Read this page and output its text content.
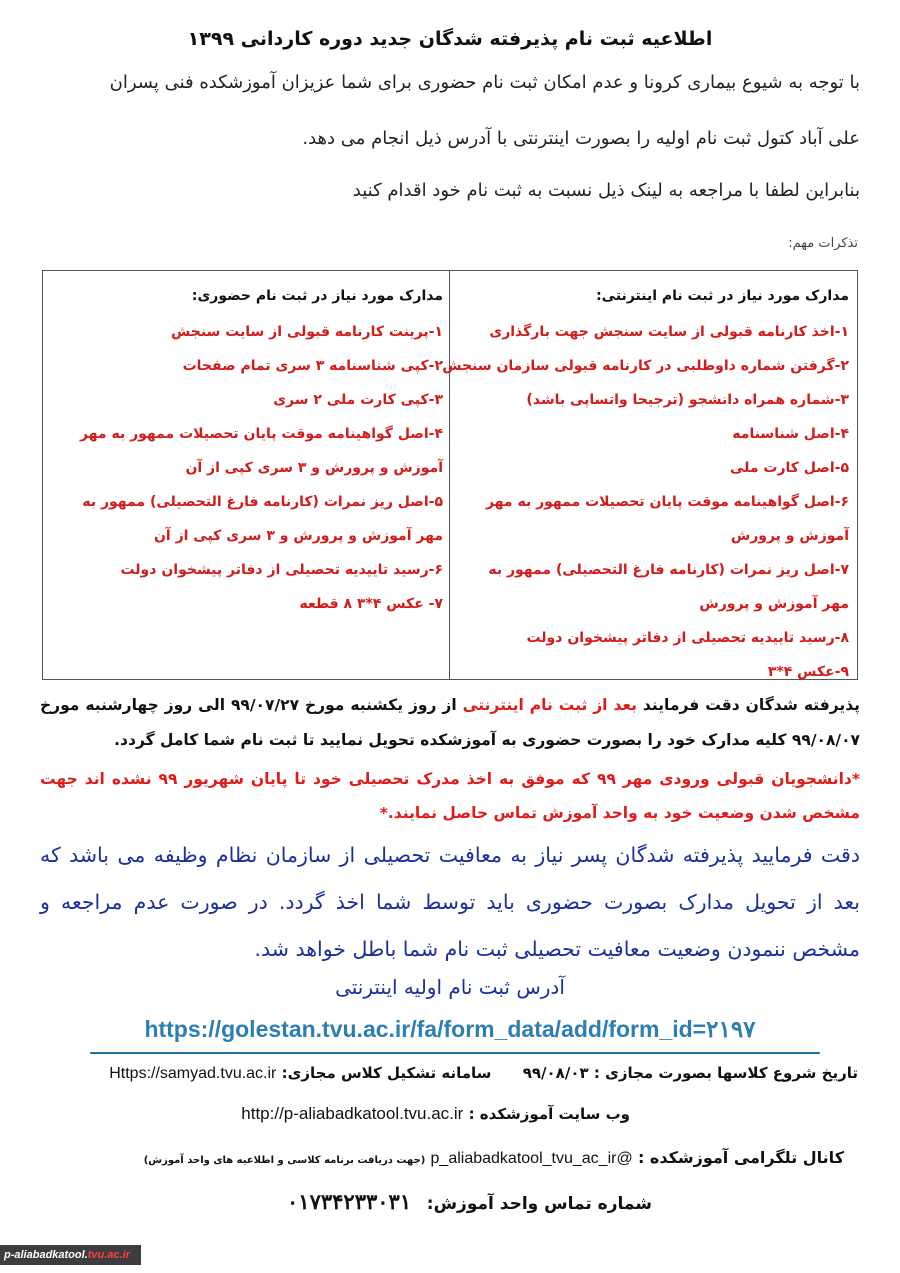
اطلاعیه ثبت نام پذیرفته شدگان جدید دوره کاردانی ۱۳۹۹
با توجه به شیوع بیماری کرونا و عدم امکان ثبت نام حضوری برای شما عزیزان آموزشکده فنی پسران
علی آباد کتول ثبت نام اولیه را بصورت اینترنتی با آدرس ذیل انجام می دهد.
بنابراین لطفا با مراجعه به لینک ذیل نسبت به ثبت نام خود اقدام کنید
تذکرات مهم:
مدارک مورد نیاز در ثبت نام اینترنتی:
۱-اخذ کارنامه قبولی از سایت سنجش جهت بارگذاری
۲-گرفتن شماره داوطلبی در کارنامه قبولی سازمان سنجش
۳-شماره همراه دانشجو (ترجیحا واتساپی باشد)
۴-اصل شناسنامه
۵-اصل کارت ملی
۶-اصل گواهینامه موقت پایان تحصیلات ممهور به مهر آموزش و پرورش
۷-اصل ریز نمرات (کارنامه فارغ التحصیلی) ممهور به مهر آموزش و پرورش
۸-رسید تاییدیه تحصیلی از دفاتر پیشخوان دولت
۹-عکس ۴*۳
مدارک مورد نیاز در ثبت نام حضوری:
۱-پرینت کارنامه قبولی از سایت سنجش
۲-کپی شناسنامه ۳ سری تمام صفحات
۳-کپی کارت ملی ۲ سری
۴-اصل گواهینامه موقت پایان تحصیلات ممهور به مهر آموزش و پرورش و ۳ سری کپی از آن
۵-اصل ریز نمرات (کارنامه فارغ التحصیلی) ممهور به مهر آموزش و پرورش و ۳ سری کپی از آن
۶-رسید تاییدیه تحصیلی از دفاتر پیشخوان دولت
۷- عکس ۴*۳ ۸ قطعه
پذیرفته شدگان دقت فرمایند بعد از ثبت نام اینترنتی از روز یکشنبه مورخ ۹۹/۰۷/۲۷ الی روز چهارشنبه مورخ ۹۹/۰۸/۰۷ کلیه مدارک خود را بصورت حضوری به آموزشکده تحویل نمایید تا ثبت نام شما کامل گردد.
*دانشجویان قبولی ورودی مهر ۹۹ که موفق به اخذ مدرک تحصیلی خود تا پایان شهریور ۹۹ نشده اند جهت مشخص شدن وضعیت خود به واحد آموزش تماس حاصل نمایند.*
دقت فرمایید پذیرفته شدگان پسر نیاز به معافیت تحصیلی از سازمان نظام وظیفه می باشد که بعد از تحویل مدارک بصورت حضوری باید توسط شما اخذ گردد. در صورت عدم مراجعه و مشخص ننمودن وضعیت معافیت تحصیلی ثبت نام شما باطل خواهد شد.
آدرس ثبت نام اولیه اینترنتی
https://golestan.tvu.ac.ir/fa/form_data/add/form_id=۲۱۹۷
تاریخ شروع کلاسها بصورت مجازی : ۹۹/۰۸/۰۳      سامانه تشکیل کلاس مجازی: Https://samyad.tvu.ac.ir
وب سایت آموزشکده : http://p-aliabadkatool.tvu.ac.ir
کانال تلگرامی آموزشکده : @p_aliabadkatool_tvu_ac_ir (جهت دریافت برنامه کلاسی و اطلاعیه های واحد آموزش)
شماره تماس واحد آموزش:   ۰۱۷۳۴۲۳۳۰۳۱
p-aliabadkatool.tvu.ac.ir
